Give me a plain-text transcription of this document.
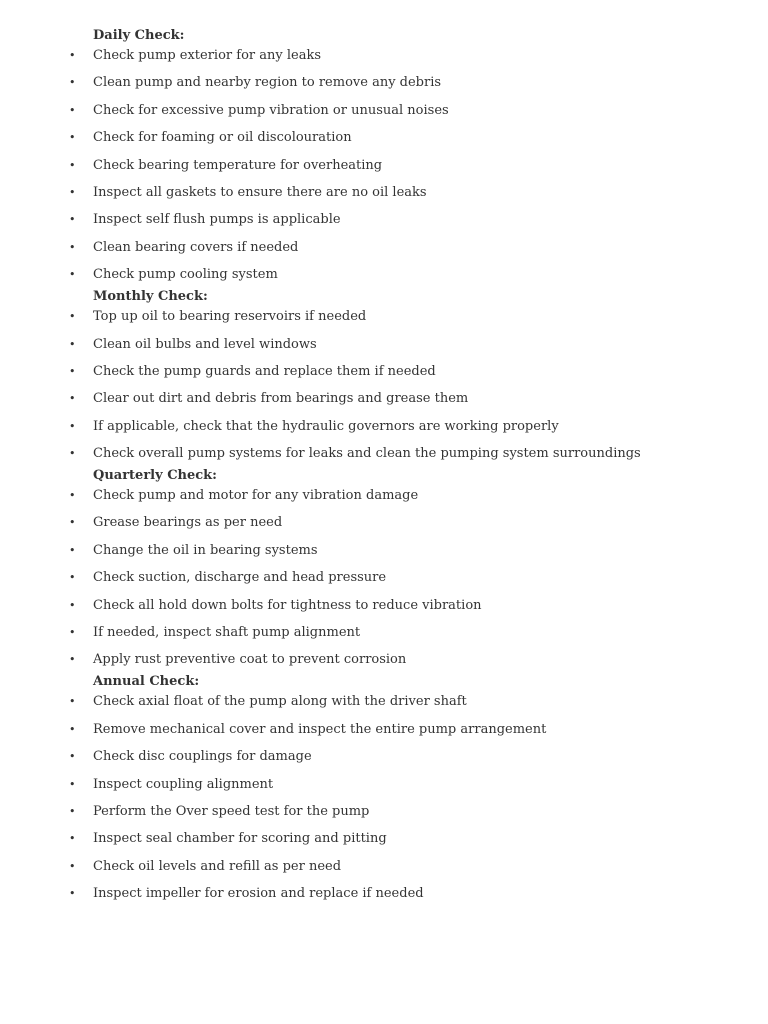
Daily Check:
• Check pump exterior for any leaks
• Clean pump and nearby region to remove any debris
• Check for excessive pump vibration or unusual noises
• Check for foaming or oil discolouration
• Check bearing temperature for overheating
• Inspect all gaskets to ensure there are no oil leaks
• Inspect self flush pumps is applicable
• Clean bearing covers if needed
• Check pump cooling system
Monthly Check:
• Top up oil to bearing reservoirs if needed
• Clean oil bulbs and level windows
• Check the pump guards and replace them if needed
• Clear out dirt and debris from bearings and grease them
• If applicable, check that the hydraulic governors are working properly
• Check overall pump systems for leaks and clean the pumping system surroundings
Quarterly Check:
• Check pump and motor for any vibration damage
• Grease bearings as per need
• Change the oil in bearing systems
• Check suction, discharge and head pressure
• Check all hold down bolts for tightness to reduce vibration
• If needed, inspect shaft pump alignment
• Apply rust preventive coat to prevent corrosion
Annual Check:
• Check axial float of the pump along with the driver shaft
• Remove mechanical cover and inspect the entire pump arrangement
• Check disc couplings for damage
• Inspect coupling alignment
• Perform the Over speed test for the pump
• Inspect seal chamber for scoring and pitting
• Check oil levels and refill as per need
• Inspect impeller for erosion and replace if needed
